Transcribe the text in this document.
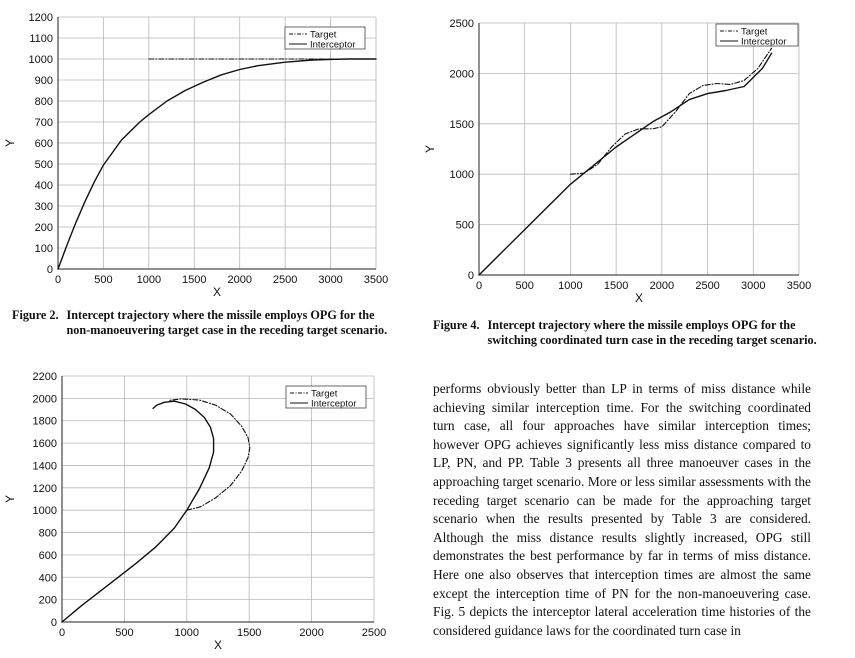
0	500 1000 1500 2000 2500 3000 3500
0
100
200
300
400
500
600
700
800
900
1000
1100
1200
X
Y
Target
Interceptor
Figure 2. Intercept trajectory where the missile employs OPG for the non-manoeuvering target case in the receding target scenario.
0	500 1000 1500 2000 2500 3000 3500
0
500
1000
1500
2000
2500
X
Y
Target
Interceptor
Figure 4. Intercept trajectory where the missile employs OPG for the switching coordinated turn case in the receding target scenario.
0	500	1000	1500	2000	2500
0
200
400
600
800
1000
1200
1400
1600
1800
2000
2200
X
Y
Target
Interceptor

performs obviously better than LP in terms of miss distance while achieving similar interception time. For the switching coordinated turn case, all four approaches have similar interception times; however OPG achieves significantly less miss distance compared to LP, PN, and PP. Table 3 presents all three manoeuver cases in the approaching target scenario. More or less similar assessments with the receding target scenario can be made for the approaching target scenario when the results presented by Table 3 are considered. Although the miss distance results slightly increased, OPG still demonstrates the best performance by far in terms of miss distance. Here one also observes that interception times are almost the same except the interception time of PN for the non-manoeuvering case. Fig. 5 depicts the interceptor lateral acceleration time histories of the considered guidance laws for the coordinated turn case in
